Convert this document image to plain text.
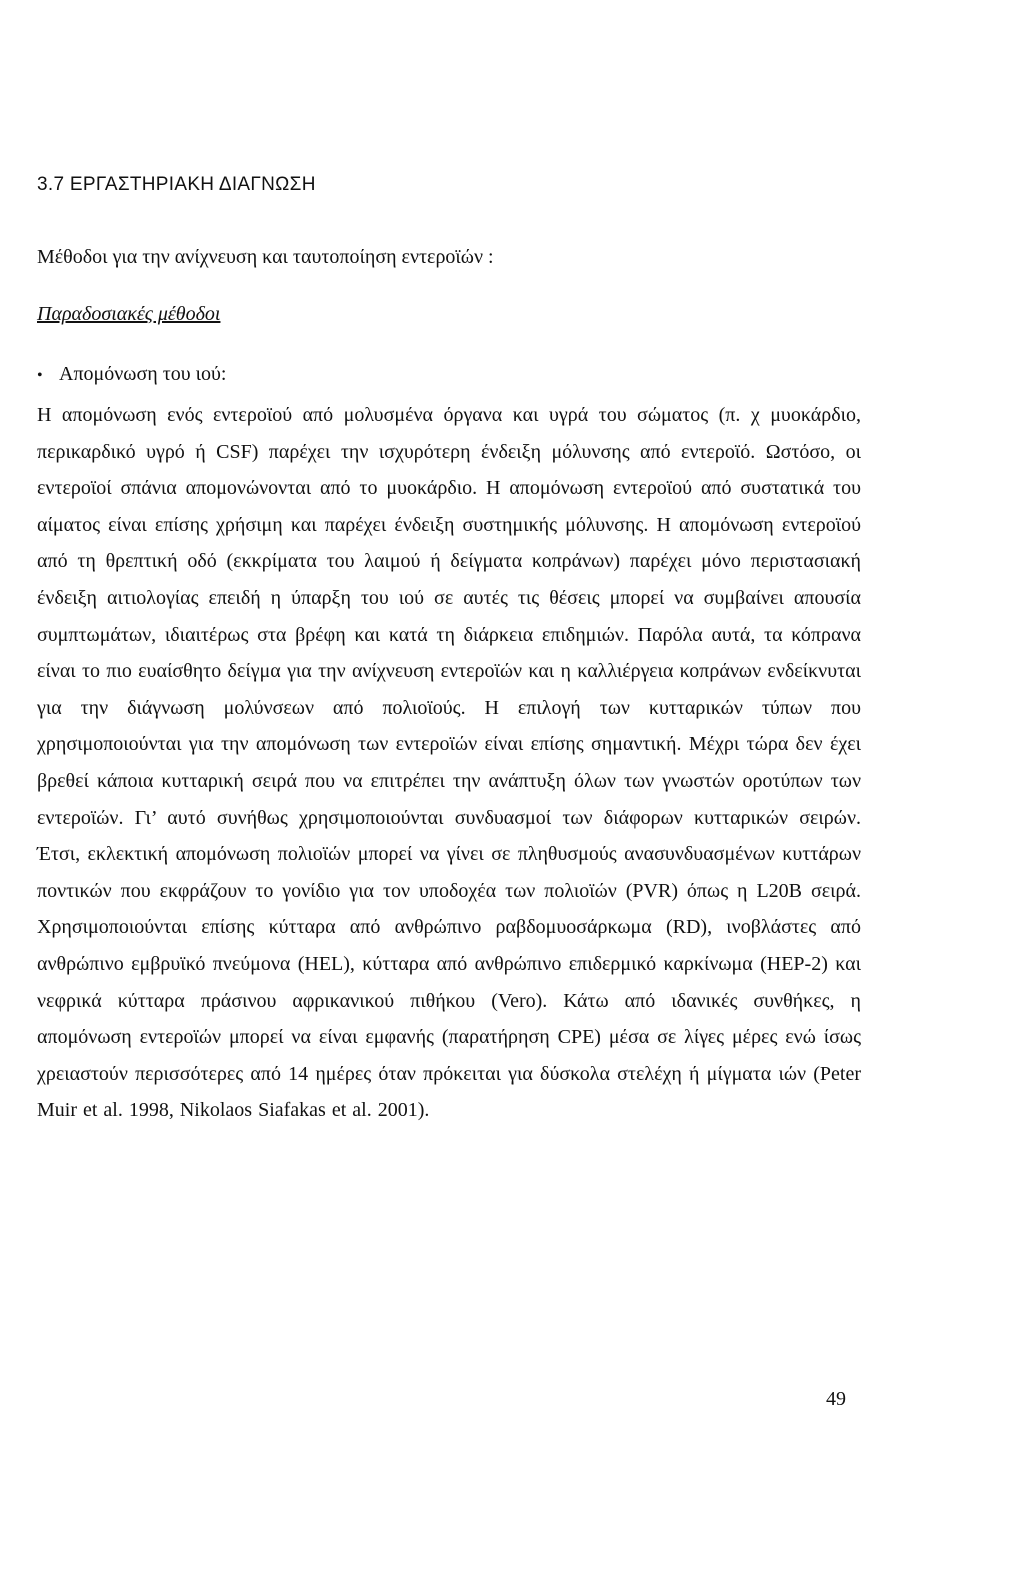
3.7 ΕΡΓΑΣΤΗΡΙΑΚΗ ΔΙΑΓΝΩΣΗ

Μέθοδοι για την ανίχνευση και ταυτοποίηση εντεροϊών :

Παραδοσιακές μέθοδοι

• Απομόνωση του ιού:

Η απομόνωση ενός εντεροϊού από μολυσμένα όργανα και υγρά του σώματος (π. χ μυοκάρδιο, περικαρδικό υγρό ή CSF) παρέχει την ισχυρότερη ένδειξη μόλυνσης από εντεροϊό. Ωστόσο, οι εντεροϊοί σπάνια απομονώνονται από το μυοκάρδιο. Η απομόνωση εντεροϊού από συστατικά του αίματος είναι επίσης χρήσιμη και παρέχει ένδειξη συστημικής μόλυνσης. Η απομόνωση εντεροϊού από τη θρεπτική οδό (εκκρίματα του λαιμού ή δείγματα κοπράνων) παρέχει μόνο περιστασιακή ένδειξη αιτιολογίας επειδή η ύπαρξη του ιού σε αυτές τις θέσεις μπορεί να συμβαίνει απουσία συμπτωμάτων, ιδιαιτέρως στα βρέφη και κατά τη διάρκεια επιδημιών. Παρόλα αυτά, τα κόπρανα είναι το πιο ευαίσθητο δείγμα για την ανίχνευση εντεροϊών και η καλλιέργεια κοπράνων ενδείκνυται για την διάγνωση μολύνσεων από πολιοϊούς. Η επιλογή των κυτταρικών τύπων που χρησιμοποιούνται για την απομόνωση των εντεροϊών είναι επίσης σημαντική. Μέχρι τώρα δεν έχει βρεθεί κάποια κυτταρική σειρά που να επιτρέπει την ανάπτυξη όλων των γνωστών οροτύπων των εντεροϊών. Γι’ αυτό συνήθως χρησιμοποιούνται συνδυασμοί των διάφορων κυτταρικών σειρών. Έτσι, εκλεκτική απομόνωση πολιοϊών μπορεί να γίνει σε πληθυσμούς ανασυνδυασμένων κυττάρων ποντικών που εκφράζουν το γονίδιο για τον υποδοχέα των πολιοϊών (PVR) όπως η L20B σειρά. Χρησιμοποιούνται επίσης κύτταρα από ανθρώπινο ραβδομυοσάρκωμα (RD), ινοβλάστες από ανθρώπινο εμβρυϊκό πνεύμονα (HEL), κύτταρα από ανθρώπινο επιδερμικό καρκίνωμα (HEP-2) και νεφρικά κύτταρα πράσινου αφρικανικού πιθήκου (Vero). Κάτω από ιδανικές συνθήκες, η απομόνωση εντεροϊών μπορεί να είναι εμφανής (παρατήρηση CPE) μέσα σε λίγες μέρες ενώ ίσως χρειαστούν περισσότερες από 14 ημέρες όταν πρόκειται για δύσκολα στελέχη ή μίγματα ιών (Peter Muir et al. 1998, Nikolaos Siafakas et al. 2001).

49
